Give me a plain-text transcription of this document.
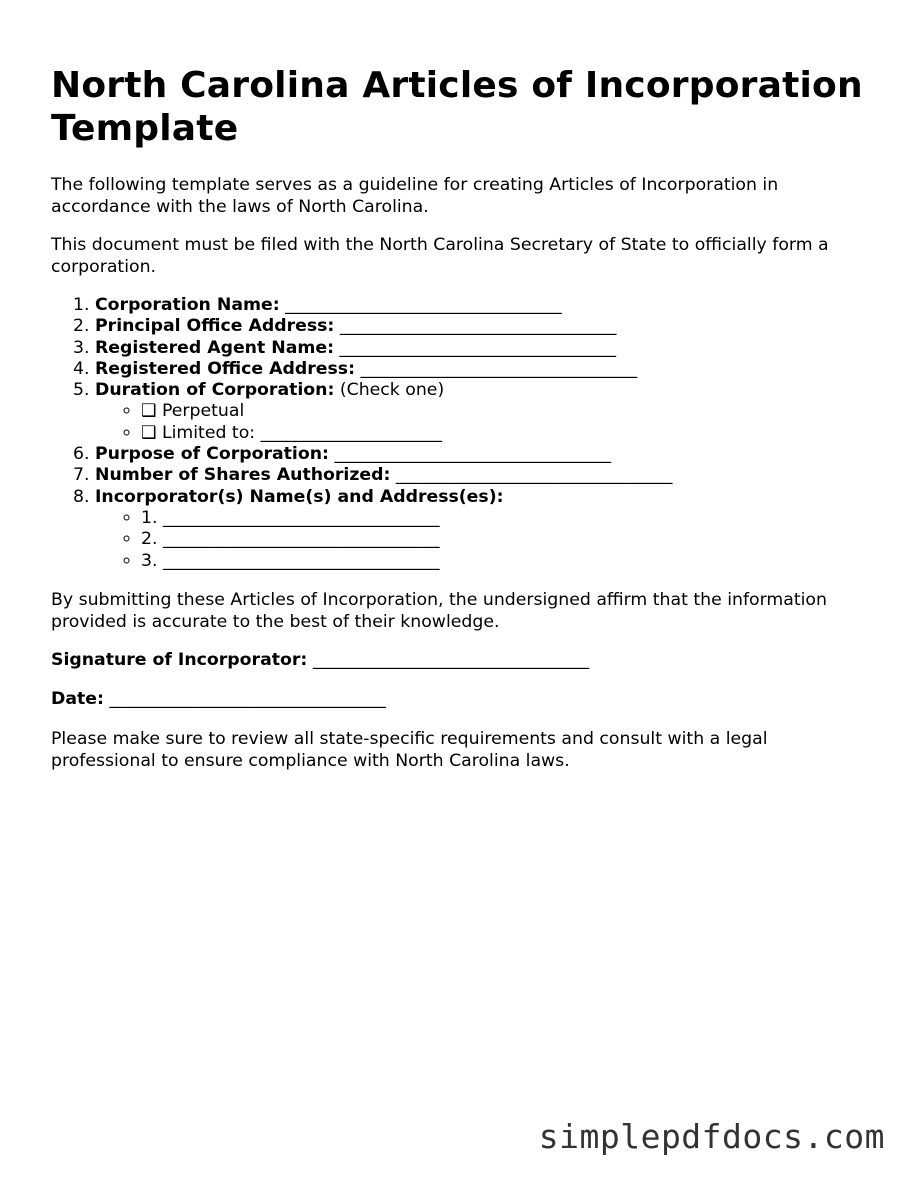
North Carolina Articles of Incorporation Template

The following template serves as a guideline for creating Articles of Incorporation in accordance with the laws of North Carolina.

This document must be filed with the North Carolina Secretary of State to officially form a corporation.

1. Corporation Name: ________________________________
2. Principal Office Address: ________________________________
3. Registered Agent Name: ________________________________
4. Registered Office Address: ________________________________
5. Duration of Corporation: (Check one)
◦ ❑ Perpetual
◦ ❑ Limited to: _____________________
6. Purpose of Corporation: ________________________________
7. Number of Shares Authorized: ________________________________
8. Incorporator(s) Name(s) and Address(es):
◦ 1. ________________________________
◦ 2. ________________________________
◦ 3. ________________________________

By submitting these Articles of Incorporation, the undersigned affirm that the information provided is accurate to the best of their knowledge.

Signature of Incorporator: ________________________________

Date: ________________________________

Please make sure to review all state-specific requirements and consult with a legal professional to ensure compliance with North Carolina laws.

simplepdfdocs.com
